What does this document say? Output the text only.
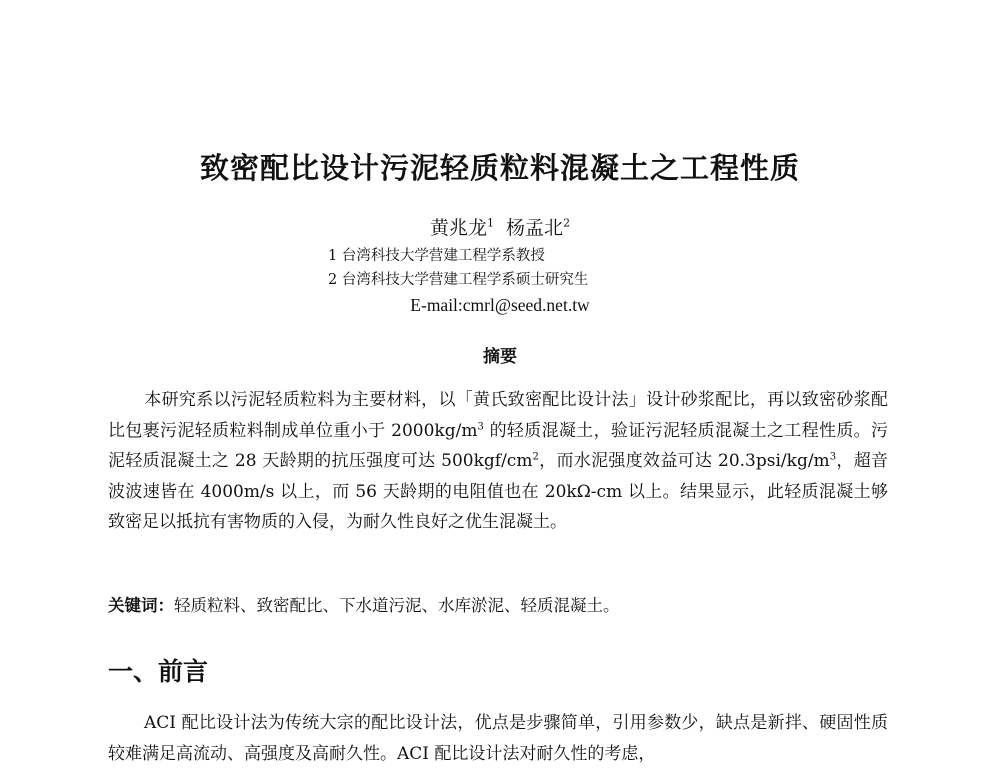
致密配比设计污泥轻质粒料混凝土之工程性质
黄兆龙$^1$ 杨孟北$^2$
1 台湾科技大学营建工程学系教授
2 台湾科技大学营建工程学系硕士研究生
E-mail:cmrl@seed.net.tw
摘要
本研究系以污泥轻质粒料为主要材料，以「黄氏致密配比设计法」设计砂浆配比，再以致密砂浆配比包裹污泥轻质粒料制成单位重小于 $2000kg/m^3$ 的轻质混凝土，验证污泥轻质混凝土之工程性质。污泥轻质混凝土之 28 天龄期的抗压强度可达 $500kgf/cm^2$，而水泥强度效益可达 $20.3psi/kg/m^3$，超音波波速皆在 4000m/s 以上，而 56 天龄期的电阻值也在 20kΩ-cm 以上。结果显示，此轻质混凝土够致密足以抵抗有害物质的入侵，为耐久性良好之优生混凝土。
关键词：轻质粒料、致密配比、下水道污泥、水库淤泥、轻质混凝土。
一、前言
ACI 配比设计法为传统大宗的配比设计法，优点是步骤简单，引用参数少，缺点是新拌、硬固性质较难满足高流动、高强度及高耐久性。ACI 配比设计法对耐久性的考虑，
